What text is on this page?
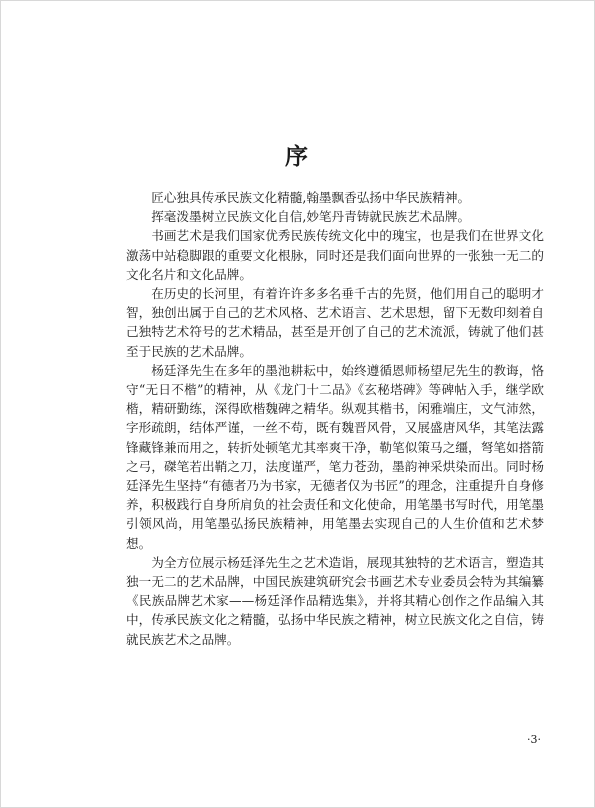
序

匠心独具传承民族文化精髓,翰墨飘香弘扬中华民族精神。

挥毫泼墨树立民族文化自信,妙笔丹青铸就民族艺术品牌。

书画艺术是我们国家优秀民族传统文化中的瑰宝，也是我们在世界文化激荡中站稳脚跟的重要文化根脉，同时还是我们面向世界的一张独一无二的文化名片和文化品牌。

在历史的长河里，有着许许多多名垂千古的先贤，他们用自己的聪明才智，独创出属于自己的艺术风格、艺术语言、艺术思想，留下无数印刻着自己独特艺术符号的艺术精品，甚至是开创了自己的艺术流派，铸就了他们甚至于民族的艺术品牌。

杨廷泽先生在多年的墨池耕耘中，始终遵循恩师杨望尼先生的教诲，恪守“无日不楷”的精神，从《龙门十二品》《玄秘塔碑》等碑帖入手，继学欧楷，精研勤练，深得欧楷魏碑之精华。纵观其楷书，闲雅端庄，文气沛然，字形疏朗，结体严谨，一丝不苟，既有魏晋风骨，又展盛唐风华，其笔法露锋藏锋兼而用之，转折处顿笔尤其率爽干净，勒笔似策马之缰，弩笔如搭箭之弓，磔笔若出鞘之刀，法度谨严，笔力苍劲，墨韵神采烘染而出。同时杨廷泽先生坚持“有德者乃为书家，无德者仅为书匠”的理念，注重提升自身修养，积极践行自身所肩负的社会责任和文化使命，用笔墨书写时代，用笔墨引领风尚，用笔墨弘扬民族精神，用笔墨去实现自己的人生价值和艺术梦想。

为全方位展示杨廷泽先生之艺术造诣，展现其独特的艺术语言，塑造其独一无二的艺术品牌，中国民族建筑研究会书画艺术专业委员会特为其编纂《民族品牌艺术家——杨廷泽作品精选集》，并将其精心创作之作品编入其中，传承民族文化之精髓，弘扬中华民族之精神，树立民族文化之自信，铸就民族艺术之品牌。

·3·
